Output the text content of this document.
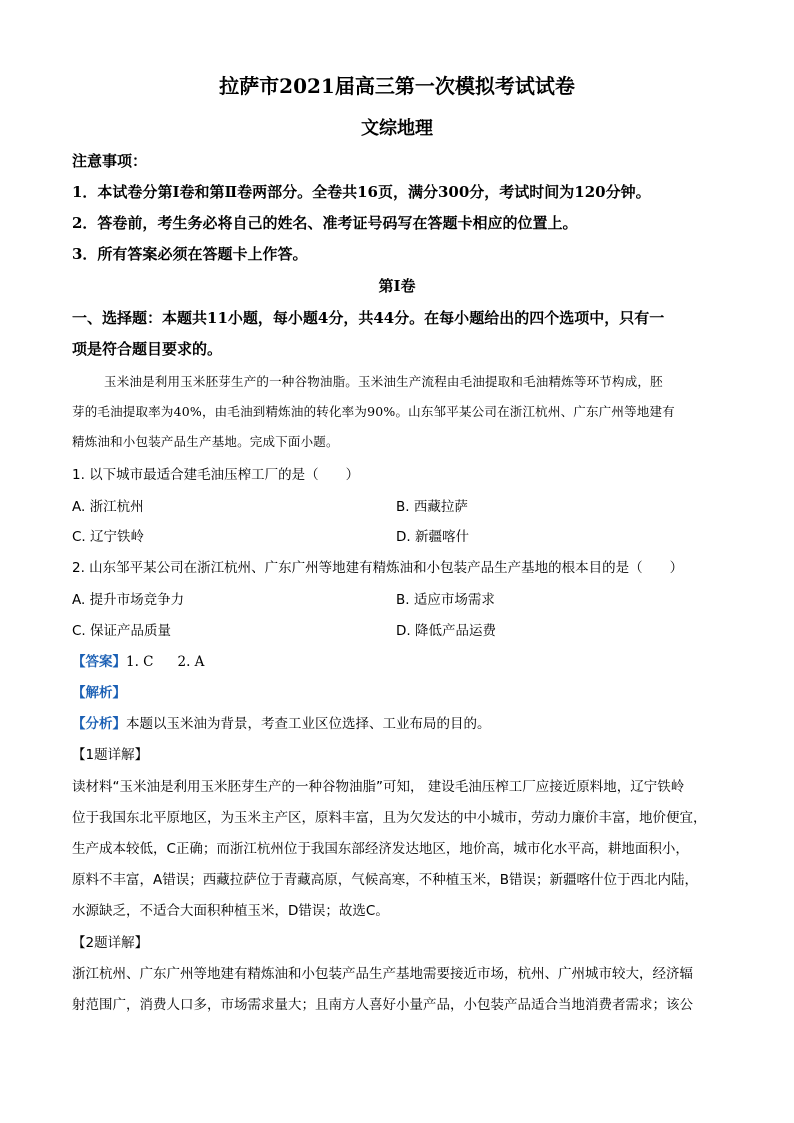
拉萨市2021届高三第一次模拟考试试卷
文综地理
注意事项：
1．本试卷分第Ⅰ卷和第Ⅱ卷两部分。全卷共16页，满分300分，考试时间为120分钟。
2．答卷前，考生务必将自己的姓名、准考证号码写在答题卡相应的位置上。
3．所有答案必须在答题卡上作答。
第Ⅰ卷
一、选择题：本题共11小题，每小题4分，共44分。在每小题给出的四个选项中，只有一
项是符合题目要求的。
玉米油是利用玉米胚芽生产的一种谷物油脂。玉米油生产流程由毛油提取和毛油精炼等环节构成，胚
芽的毛油提取率为40%，由毛油到精炼油的转化率为90%。山东邹平某公司在浙江杭州、广东广州等地建有
精炼油和小包装产品生产基地。完成下面小题。
1. 以下城市最适合建毛油压榨工厂的是（　　）
A. 浙江杭州	B. 西藏拉萨
C. 辽宁铁岭	D. 新疆喀什
2. 山东邹平某公司在浙江杭州、广东广州等地建有精炼油和小包装产品生产基地的根本目的是（　　）
A. 提升市场竞争力	B. 适应市场需求
C. 保证产品质量	D. 降低产品运费
【答案】1. C 2. A
【解析】
【分析】本题以玉米油为背景，考查工业区位选择、工业布局的目的。
【1题详解】
读材料“玉米油是利用玉米胚芽生产的一种谷物油脂”可知， 建设毛油压榨工厂应接近原料地，辽宁铁岭
位于我国东北平原地区，为玉米主产区，原料丰富，且为欠发达的中小城市，劳动力廉价丰富，地价便宜，
生产成本较低，C正确；而浙江杭州位于我国东部经济发达地区，地价高，城市化水平高，耕地面积小，
原料不丰富，A错误；西藏拉萨位于青藏高原，气候高寒，不种植玉米，B错误；新疆喀什位于西北内陆，
水源缺乏，不适合大面积种植玉米，D错误；故选C。
【2题详解】
浙江杭州、广东广州等地建有精炼油和小包装产品生产基地需要接近市场，杭州、广州城市较大，经济辐
射范围广，消费人口多，市场需求量大；且南方人喜好小量产品，小包装产品适合当地消费者需求；该公
